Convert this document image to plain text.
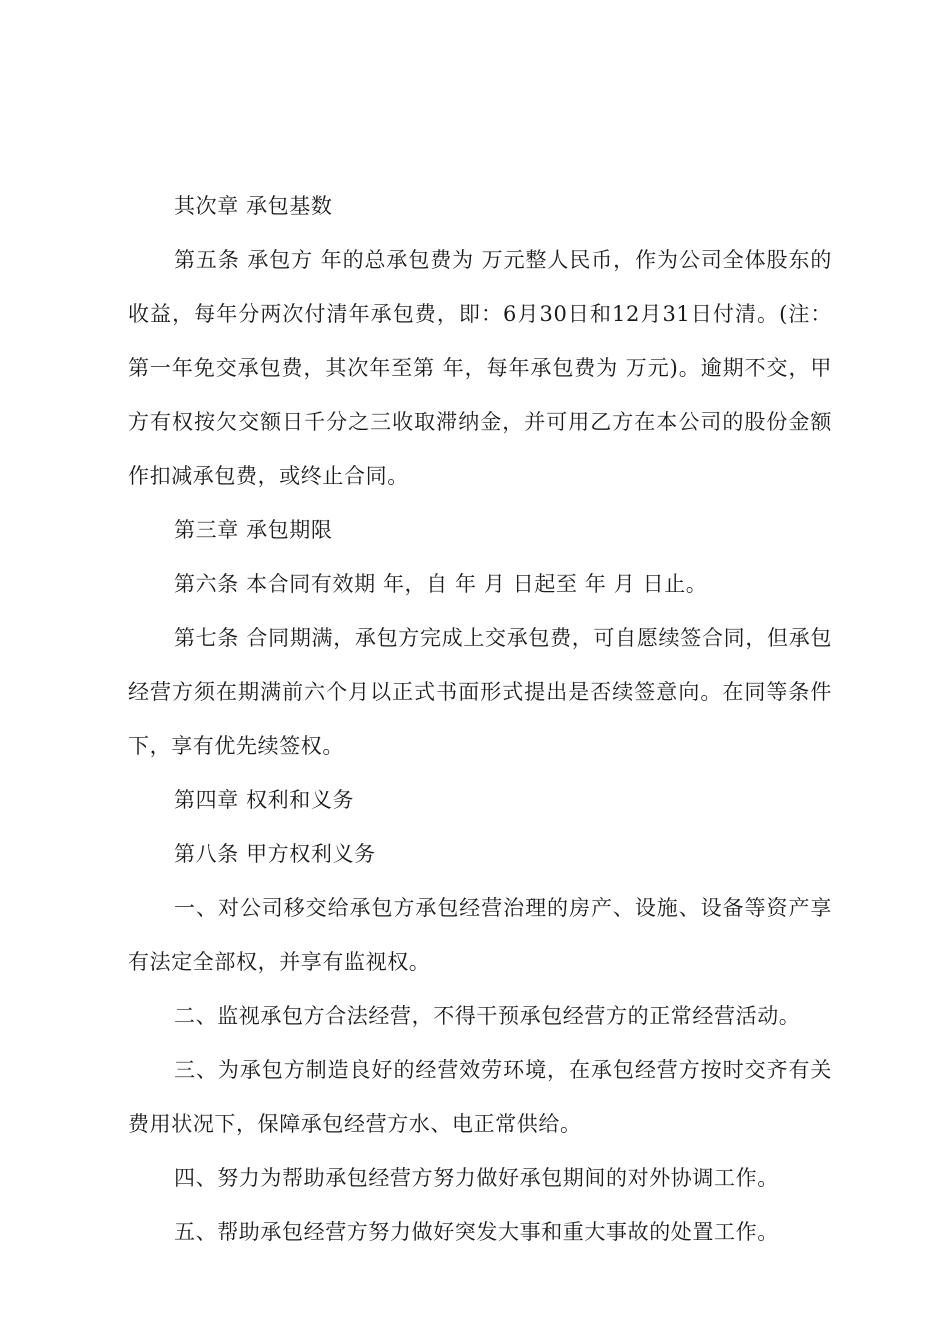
其次章 承包基数

第五条 承包方 年的总承包费为 万元整人民币，作为公司全体股东的收益，每年分两次付清年承包费，即：6月30日和12月31日付清。(注：第一年免交承包费，其次年至第 年，每年承包费为 万元)。逾期不交，甲方有权按欠交额日千分之三收取滞纳金，并可用乙方在本公司的股份金额作扣减承包费，或终止合同。

第三章 承包期限

第六条 本合同有效期 年，自 年 月 日起至 年 月 日止。

第七条 合同期满，承包方完成上交承包费，可自愿续签合同，但承包经营方须在期满前六个月以正式书面形式提出是否续签意向。在同等条件下，享有优先续签权。

第四章 权利和义务

第八条 甲方权利义务

一、对公司移交给承包方承包经营治理的房产、设施、设备等资产享有法定全部权，并享有监视权。

二、监视承包方合法经营，不得干预承包经营方的正常经营活动。

三、为承包方制造良好的经营效劳环境，在承包经营方按时交齐有关费用状况下，保障承包经营方水、电正常供给。

四、努力为帮助承包经营方努力做好承包期间的对外协调工作。

五、帮助承包经营方努力做好突发大事和重大事故的处置工作。
